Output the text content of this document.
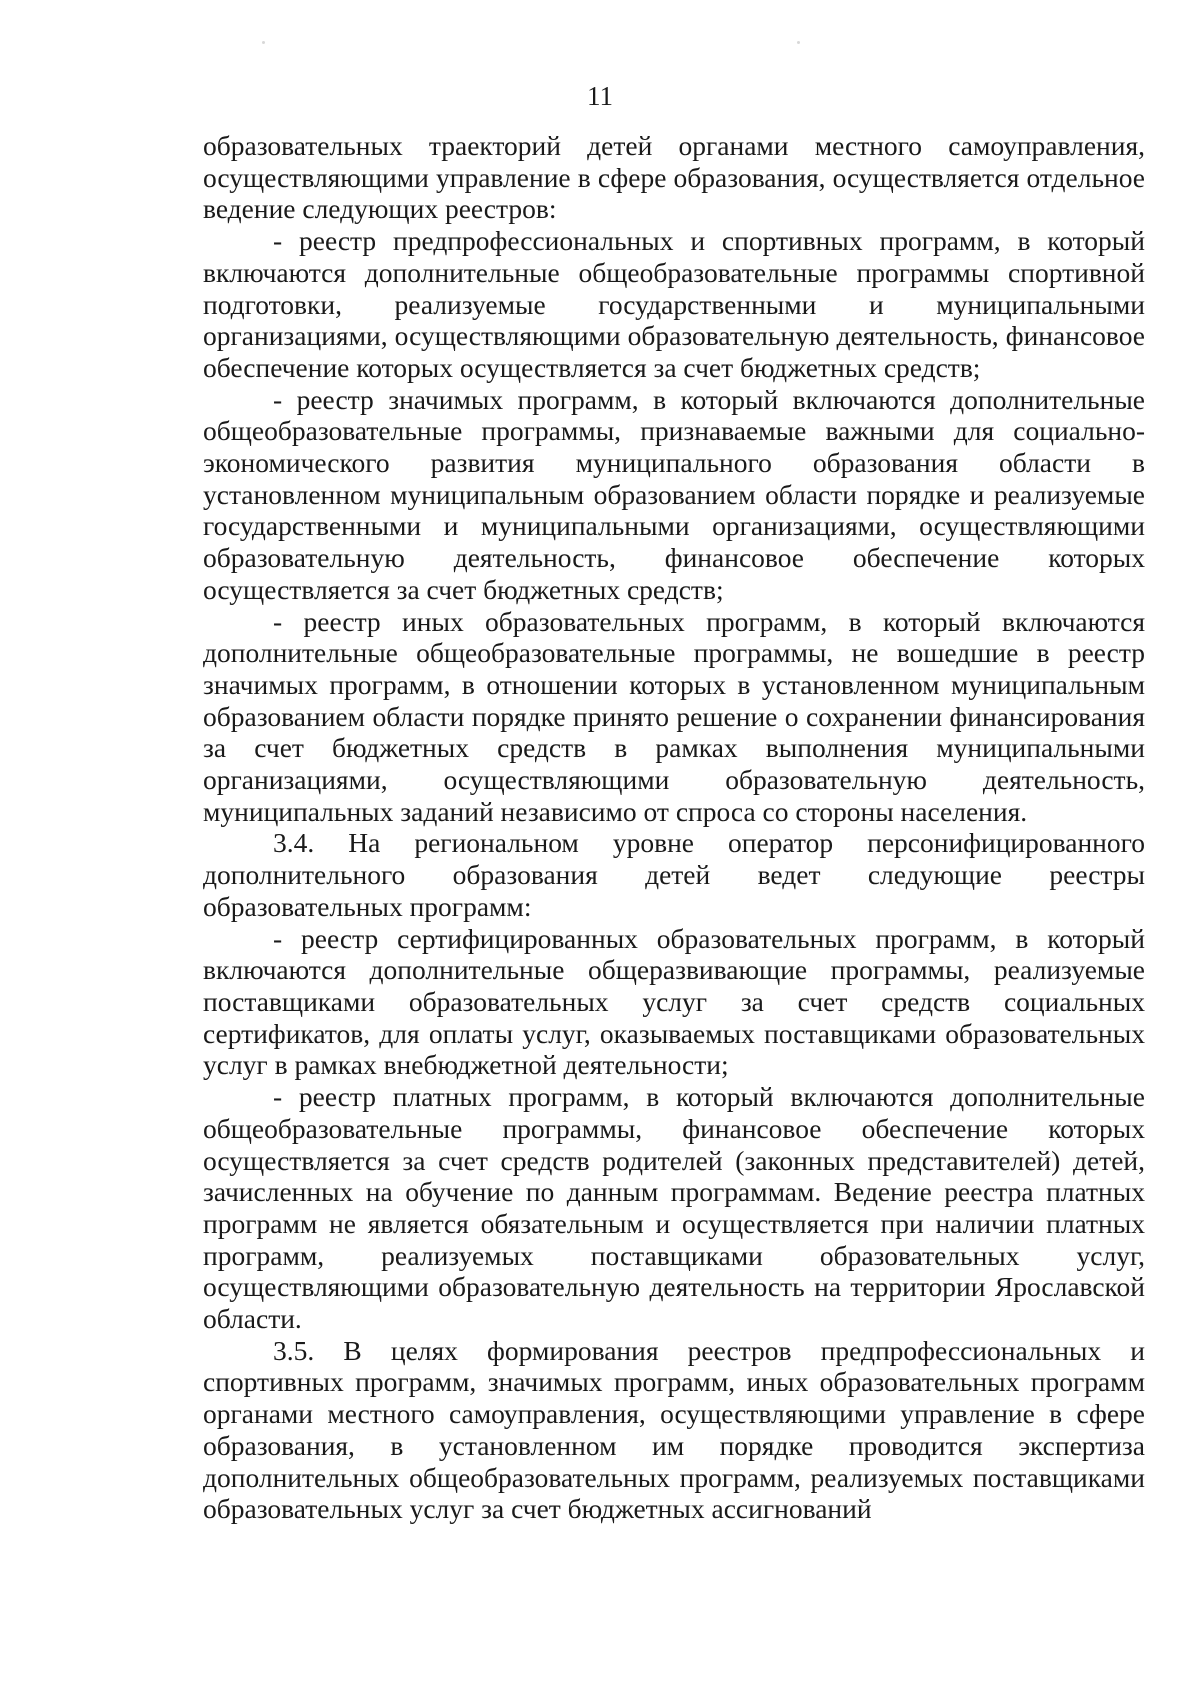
11

образовательных траекторий детей органами местного самоуправления, осуществляющими управление в сфере образования, осуществляется отдельное ведение следующих реестров:

- реестр предпрофессиональных и спортивных программ, в который включаются дополнительные общеобразовательные программы спортивной подготовки, реализуемые государственными и муниципальными организациями, осуществляющими образовательную деятельность, финансовое обеспечение которых осуществляется за счет бюджетных средств;

- реестр значимых программ, в который включаются дополнительные общеобразовательные программы, признаваемые важными для социально-экономического развития муниципального образования области в установленном муниципальным образованием области порядке и реализуемые государственными и муниципальными организациями, осуществляющими образовательную деятельность, финансовое обеспечение которых осуществляется за счет бюджетных средств;

- реестр иных образовательных программ, в который включаются дополнительные общеобразовательные программы, не вошедшие в реестр значимых программ, в отношении которых в установленном муниципальным образованием области порядке принято решение о сохранении финансирования за счет бюджетных средств в рамках выполнения муниципальными организациями, осуществляющими образовательную деятельность, муниципальных заданий независимо от спроса со стороны населения.

3.4. На региональном уровне оператор персонифицированного дополнительного образования детей ведет следующие реестры образовательных программ:

- реестр сертифицированных образовательных программ, в который включаются дополнительные общеразвивающие программы, реализуемые поставщиками образовательных услуг за счет средств социальных сертификатов, для оплаты услуг, оказываемых поставщиками образовательных услуг в рамках внебюджетной деятельности;

- реестр платных программ, в который включаются дополнительные общеобразовательные программы, финансовое обеспечение которых осуществляется за счет средств родителей (законных представителей) детей, зачисленных на обучение по данным программам. Ведение реестра платных программ не является обязательным и осуществляется при наличии платных программ, реализуемых поставщиками образовательных услуг, осуществляющими образовательную деятельность на территории Ярославской области.

3.5. В целях формирования реестров предпрофессиональных и спортивных программ, значимых программ, иных образовательных программ органами местного самоуправления, осуществляющими управление в сфере образования, в установленном им порядке проводится экспертиза дополнительных общеобразовательных программ, реализуемых поставщиками образовательных услуг за счет бюджетных ассигнований
